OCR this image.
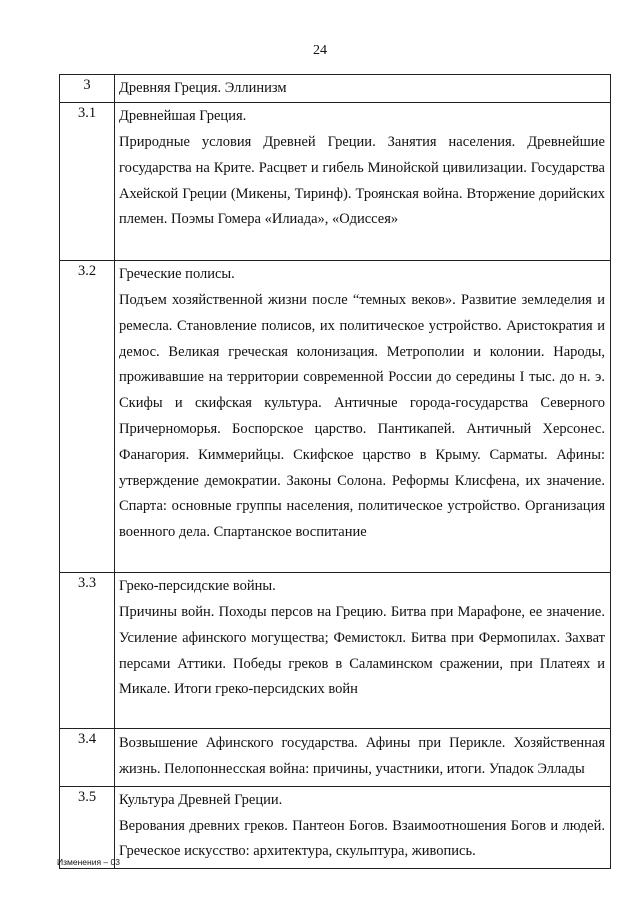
24
3	Древняя Греция. Эллинизм

3.1	Древнейшая Греция.
Природные условия Древней Греции. Занятия населения. Древнейшие государства на Крите. Расцвет и гибель Минойской цивилизации. Государства Ахейской Греции (Микены, Тиринф). Троянская война. Вторжение дорийских племен. Поэмы Гомера «Илиада», «Одиссея»

3.2	Греческие полисы.
Подъем хозяйственной жизни после “темных веков». Развитие земледелия и ремесла. Становление полисов, их политическое устройство. Аристократия и демос. Великая греческая колонизация. Метрополии и колонии. Народы, проживавшие на территории современной России до середины I тыс. до н. э. Скифы и скифская культура. Античные города-государства Северного Причерноморья. Боспорское царство. Пантикапей. Античный Херсонес. Фанагория. Киммерийцы. Скифское царство в Крыму. Сарматы. Афины: утверждение демократии. Законы Солона. Реформы Клисфена, их значение. Спарта: основные группы населения, политическое устройство. Организация военного дела. Спартанское воспитание

3.3	Греко-персидские войны.
Причины войн. Походы персов на Грецию. Битва при Марафоне, ее значение. Усиление афинского могущества; Фемистокл. Битва при Фермопилах. Захват персами Аттики. Победы греков в Саламинском сражении, при Платеях и Микале. Итоги греко-персидских войн

3.4	Возвышение Афинского государства. Афины при Перикле. Хозяйственная жизнь. Пелопоннесская война: причины, участники, итоги. Упадок Эллады

3.5	Культура Древней Греции.
Верования древних греков. Пантеон Богов. Взаимоотношения Богов и людей. Греческое искусство: архитектура, скульптура, живопись.
Изменения – 03
